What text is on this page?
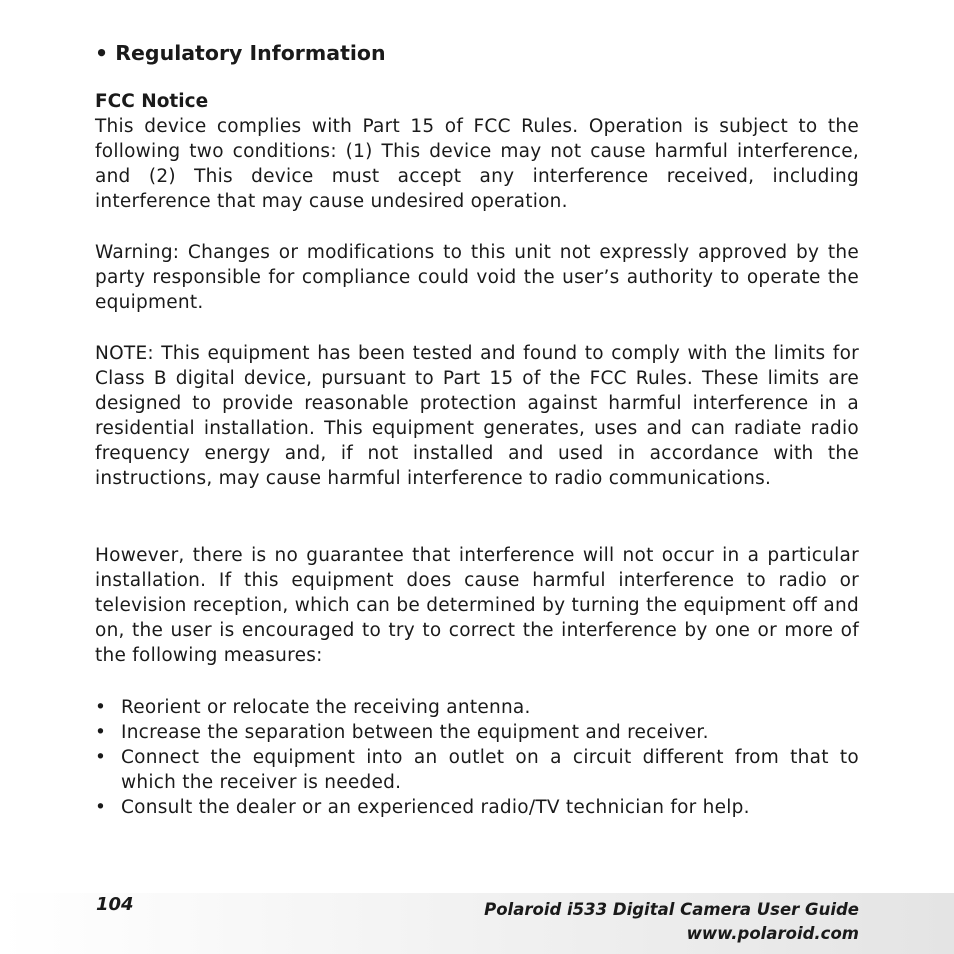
• Regulatory Information
FCC Notice

This device complies with Part 15 of FCC Rules. Operation is subject to the following two conditions: (1) This device may not cause harmful interference, and (2) This device must accept any interference received, including interference that may cause undesired operation.

Warning: Changes or modifications to this unit not expressly approved by the party responsible for compliance could void the user’s authority to operate the equipment.

NOTE: This equipment has been tested and found to comply with the limits for Class B digital device, pursuant to Part 15 of the FCC Rules. These limits are designed to provide reasonable protection against harmful interference in a residential installation. This equipment generates, uses and can radiate radio frequency energy and, if not installed and used in accordance with the instructions, may cause harmful interference to radio communications.

However, there is no guarantee that interference will not occur in a particular installation. If this equipment does cause harmful interference to radio or television reception, which can be determined by turning the equipment off and on, the user is encouraged to try to correct the interference by one or more of the following measures:

• Reorient or relocate the receiving antenna.
• Increase the separation between the equipment and receiver.
• Connect the equipment into an outlet on a circuit different from that to which the receiver is needed.
• Consult the dealer or an experienced radio/TV technician for help.
104	Polaroid i533 Digital Camera User Guide
www.polaroid.com
